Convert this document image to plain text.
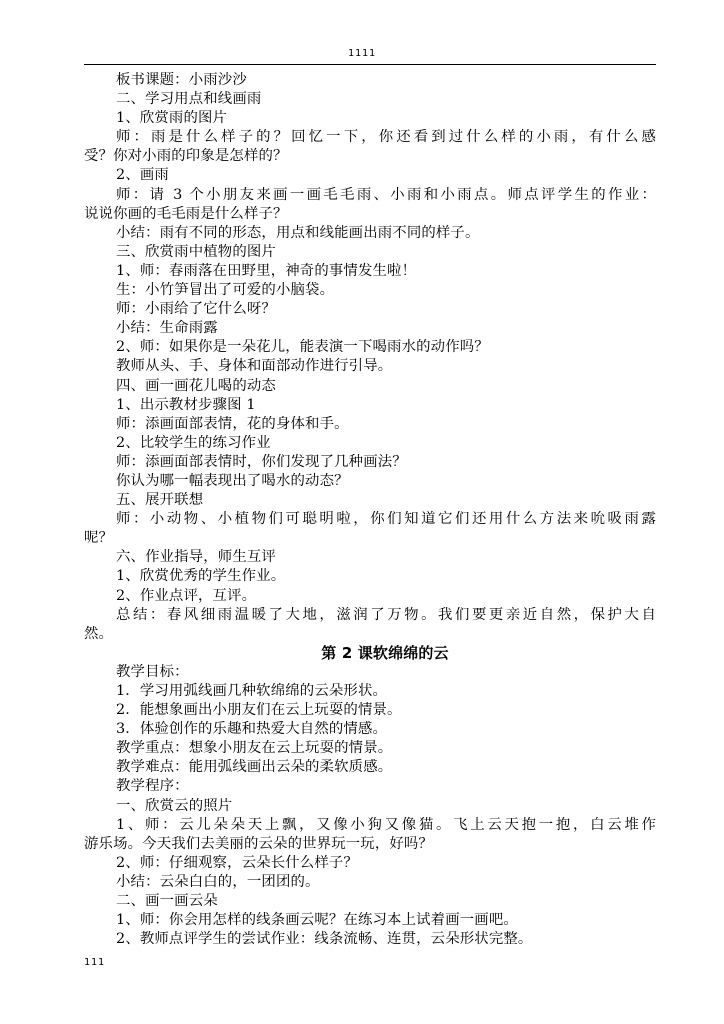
1111
板书课题：小雨沙沙
二、学习用点和线画雨
1、欣赏雨的图片
师：雨是什么样子的？回忆一下，你还看到过什么样的小雨，有什么感
受？你对小雨的印象是怎样的？
2、画雨
师：请 3 个小朋友来画一画毛毛雨、小雨和小雨点。师点评学生的作业：
说说你画的毛毛雨是什么样子？
小结：雨有不同的形态，用点和线能画出雨不同的样子。
三、欣赏雨中植物的图片
1、师：春雨落在田野里，神奇的事情发生啦！
生：小竹笋冒出了可爱的小脑袋。
师：小雨给了它什么呀？
小结：生命雨露
2、师：如果你是一朵花儿，能表演一下喝雨水的动作吗？
教师从头、手、身体和面部动作进行引导。
四、画一画花儿喝的动态
1、出示教材步骤图 1
师：添画面部表情，花的身体和手。
2、比较学生的练习作业
师：添画面部表情时，你们发现了几种画法？
你认为哪一幅表现出了喝水的动态？
五、展开联想
师：小动物、小植物们可聪明啦，你们知道它们还用什么方法来吮吸雨露
呢？
六、作业指导，师生互评
1、欣赏优秀的学生作业。
2、作业点评，互评。
总结：春风细雨温暖了大地，滋润了万物。我们要更亲近自然，保护大自
然。
第 2 课软绵绵的云
教学目标：
1．学习用弧线画几种软绵绵的云朵形状。
2．能想象画出小朋友们在云上玩耍的情景。
3．体验创作的乐趣和热爱大自然的情感。
教学重点：想象小朋友在云上玩耍的情景。
教学难点：能用弧线画出云朵的柔软质感。
教学程序：
一、欣赏云的照片
1、师：云儿朵朵天上飘，又像小狗又像猫。飞上云天抱一抱，白云堆作
游乐场。今天我们去美丽的云朵的世界玩一玩，好吗？
2、师：仔细观察，云朵长什么样子？
小结：云朵白白的，一团团的。
二、画一画云朵
1、师：你会用怎样的线条画云呢？在练习本上试着画一画吧。
2、教师点评学生的尝试作业：线条流畅、连贯，云朵形状完整。
111
